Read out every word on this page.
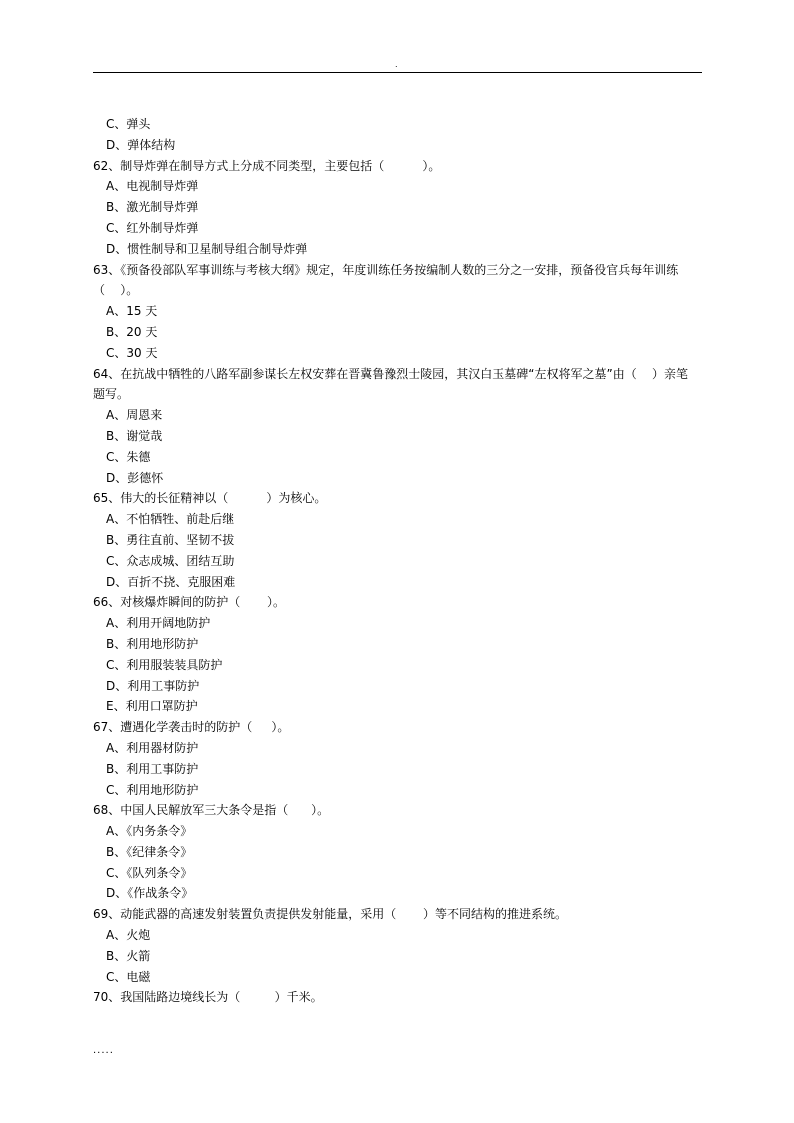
.
C、弹头
D、弹体结构
62、制导炸弹在制导方式上分成不同类型，主要包括（          ）。
A、电视制导炸弹
B、激光制导炸弹
C、红外制导炸弹
D、惯性制导和卫星制导组合制导炸弹
63、《预备役部队军事训练与考核大纲》规定，年度训练任务按编制人数的三分之一安排，预备役官兵每年训练
（    ）。
A、15 天
B、20 天
C、30 天
64、在抗战中牺牲的八路军副参谋长左权安葬在晋冀鲁豫烈士陵园，其汉白玉墓碑“左权将军之墓”由（    ）亲笔
题写。
A、周恩来
B、谢觉哉
C、朱德
D、彭德怀
65、伟大的长征精神以（          ）为核心。
A、不怕牺牲、前赴后继
B、勇往直前、坚韧不拔
C、众志成城、团结互助
D、百折不挠、克服困难
66、对核爆炸瞬间的防护（       ）。
A、利用开阔地防护
B、利用地形防护
C、利用服装装具防护
D、利用工事防护
E、利用口罩防护
67、遭遇化学袭击时的防护（     ）。
A、利用器材防护
B、利用工事防护
C、利用地形防护
68、中国人民解放军三大条令是指（      ）。
A、《内务条令》
B、《纪律条令》
C、《队列条令》
D、《作战条令》
69、动能武器的高速发射装置负责提供发射能量，采用（       ）等不同结构的推进系统。
A、火炮
B、火箭
C、电磁
70、我国陆路边境线长为（         ）千米。
.....
